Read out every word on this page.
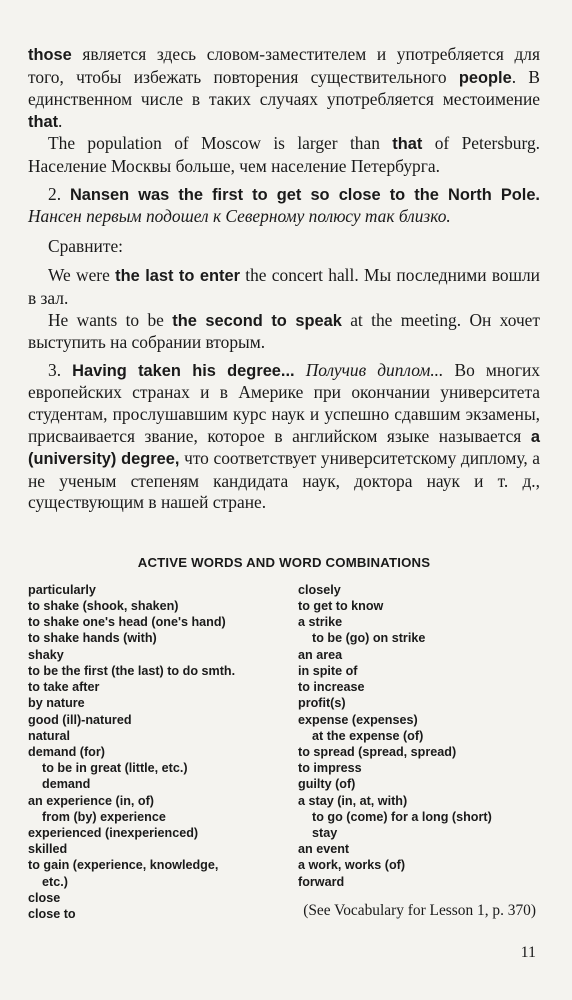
those является здесь словом-заместителем и употребляется для того, чтобы избежать повторения существительного people. В единственном числе в таких случаях употребляется местоимение that.

The population of Moscow is larger than that of Petersburg. Население Москвы больше, чем население Петербурга.

2. Nansen was the first to get so close to the North Pole. Нансен первым подошел к Северному полюсу так близко.

Сравните:

We were the last to enter the concert hall. Мы последними вошли в зал.

He wants to be the second to speak at the meeting. Он хочет выступить на собрании вторым.

3. Having taken his degree... Получив диплом... Во многих европейских странах и в Америке при окончании университета студентам, прослушавшим курс наук и успешно сдавшим экзамены, присваивается звание, которое в английском языке называется a (university) degree, что соответствует университетскому диплому, а не ученым степеням кандидата наук, доктора наук и т. д., существующим в нашей стране.

ACTIVE WORDS AND WORD COMBINATIONS
particularly
to shake (shook, shaken)
to shake one's head (one's hand)
to shake hands (with)
shaky
to be the first (the last) to do smth.
to take after
by nature
good (ill)-natured
natural
demand (for)
to be in great (little, etc.)
demand
an experience (in, of)
from (by) experience
experienced (inexperienced)
skilled
to gain (experience, knowledge,
etc.)
close
close to
closely
to get to know
a strike
to be (go) on strike
an area
in spite of
to increase
profit(s)
expense (expenses)
at the expense (of)
to spread (spread, spread)
to impress
guilty (of)
a stay (in, at, with)
to go (come) for a long (short)
stay
an event
a work, works (of)
forward
(See Vocabulary for Lesson 1, p. 370)
11
